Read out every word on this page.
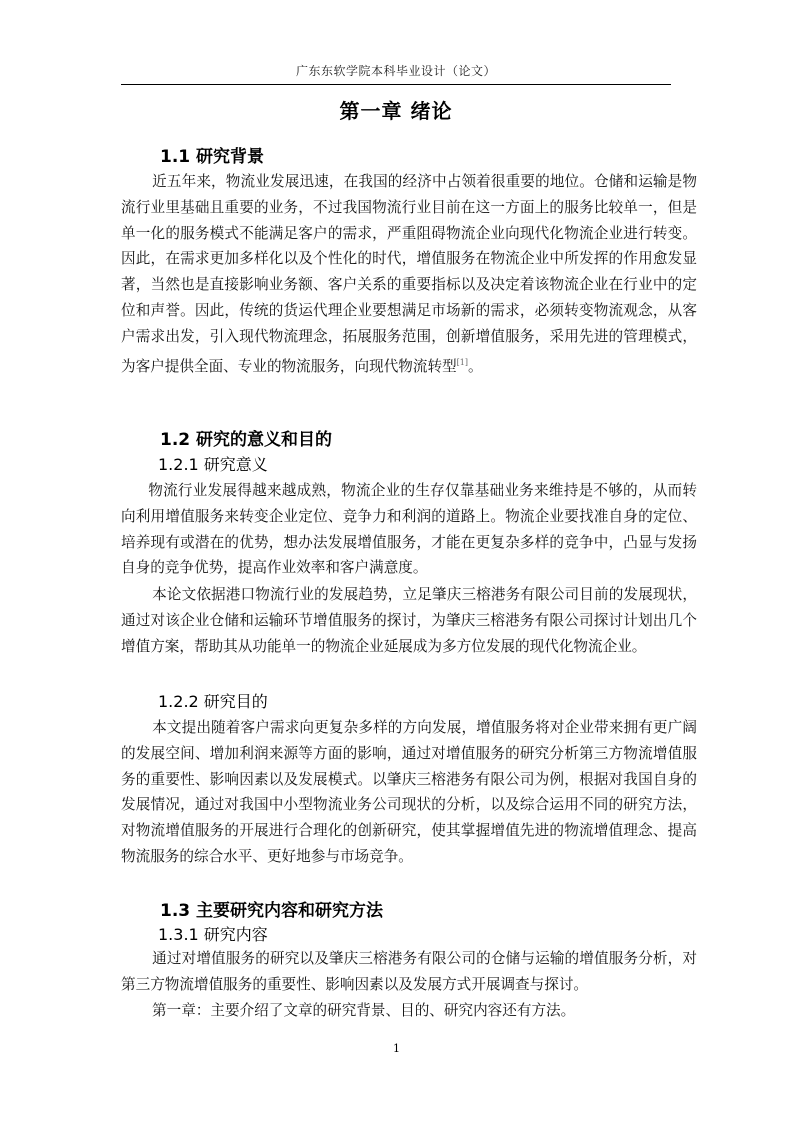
广东东软学院本科毕业设计（论文）
第一章 绪论
1.1 研究背景

近五年来，物流业发展迅速，在我国的经济中占领着很重要的地位。仓储和运输是物流行业里基础且重要的业务，不过我国物流行业目前在这一方面上的服务比较单一，但是单一化的服务模式不能满足客户的需求，严重阻碍物流企业向现代化物流企业进行转变。因此，在需求更加多样化以及个性化的时代，增值服务在物流企业中所发挥的作用愈发显著，当然也是直接影响业务额、客户关系的重要指标以及决定着该物流企业在行业中的定位和声誉。因此，传统的货运代理企业要想满足市场新的需求，必须转变物流观念，从客户需求出发，引入现代物流理念，拓展服务范围，创新增值服务，采用先进的管理模式，为客户提供全面、专业的物流服务，向现代物流转型[1]。

1.2 研究的意义和目的
1.2.1 研究意义

物流行业发展得越来越成熟，物流企业的生存仅靠基础业务来维持是不够的，从而转向利用增值服务来转变企业定位、竞争力和利润的道路上。物流企业要找准自身的定位、培养现有或潜在的优势，想办法发展增值服务，才能在更复杂多样的竞争中，凸显与发扬自身的竞争优势，提高作业效率和客户满意度。

本论文依据港口物流行业的发展趋势，立足肇庆三榕港务有限公司目前的发展现状，通过对该企业仓储和运输环节增值服务的探讨，为肇庆三榕港务有限公司探讨计划出几个增值方案，帮助其从功能单一的物流企业延展成为多方位发展的现代化物流企业。

1.2.2 研究目的

本文提出随着客户需求向更复杂多样的方向发展，增值服务将对企业带来拥有更广阔的发展空间、增加利润来源等方面的影响，通过对增值服务的研究分析第三方物流增值服务的重要性、影响因素以及发展模式。以肇庆三榕港务有限公司为例，根据对我国自身的发展情况，通过对我国中小型物流业务公司现状的分析，以及综合运用不同的研究方法，对物流增值服务的开展进行合理化的创新研究，使其掌握增值先进的物流增值理念、提高物流服务的综合水平、更好地参与市场竞争。

1.3 主要研究内容和研究方法
1.3.1 研究内容

通过对增值服务的研究以及肇庆三榕港务有限公司的仓储与运输的增值服务分析，对第三方物流增值服务的重要性、影响因素以及发展方式开展调查与探讨。

第一章：主要介绍了文章的研究背景、目的、研究内容还有方法。

1
